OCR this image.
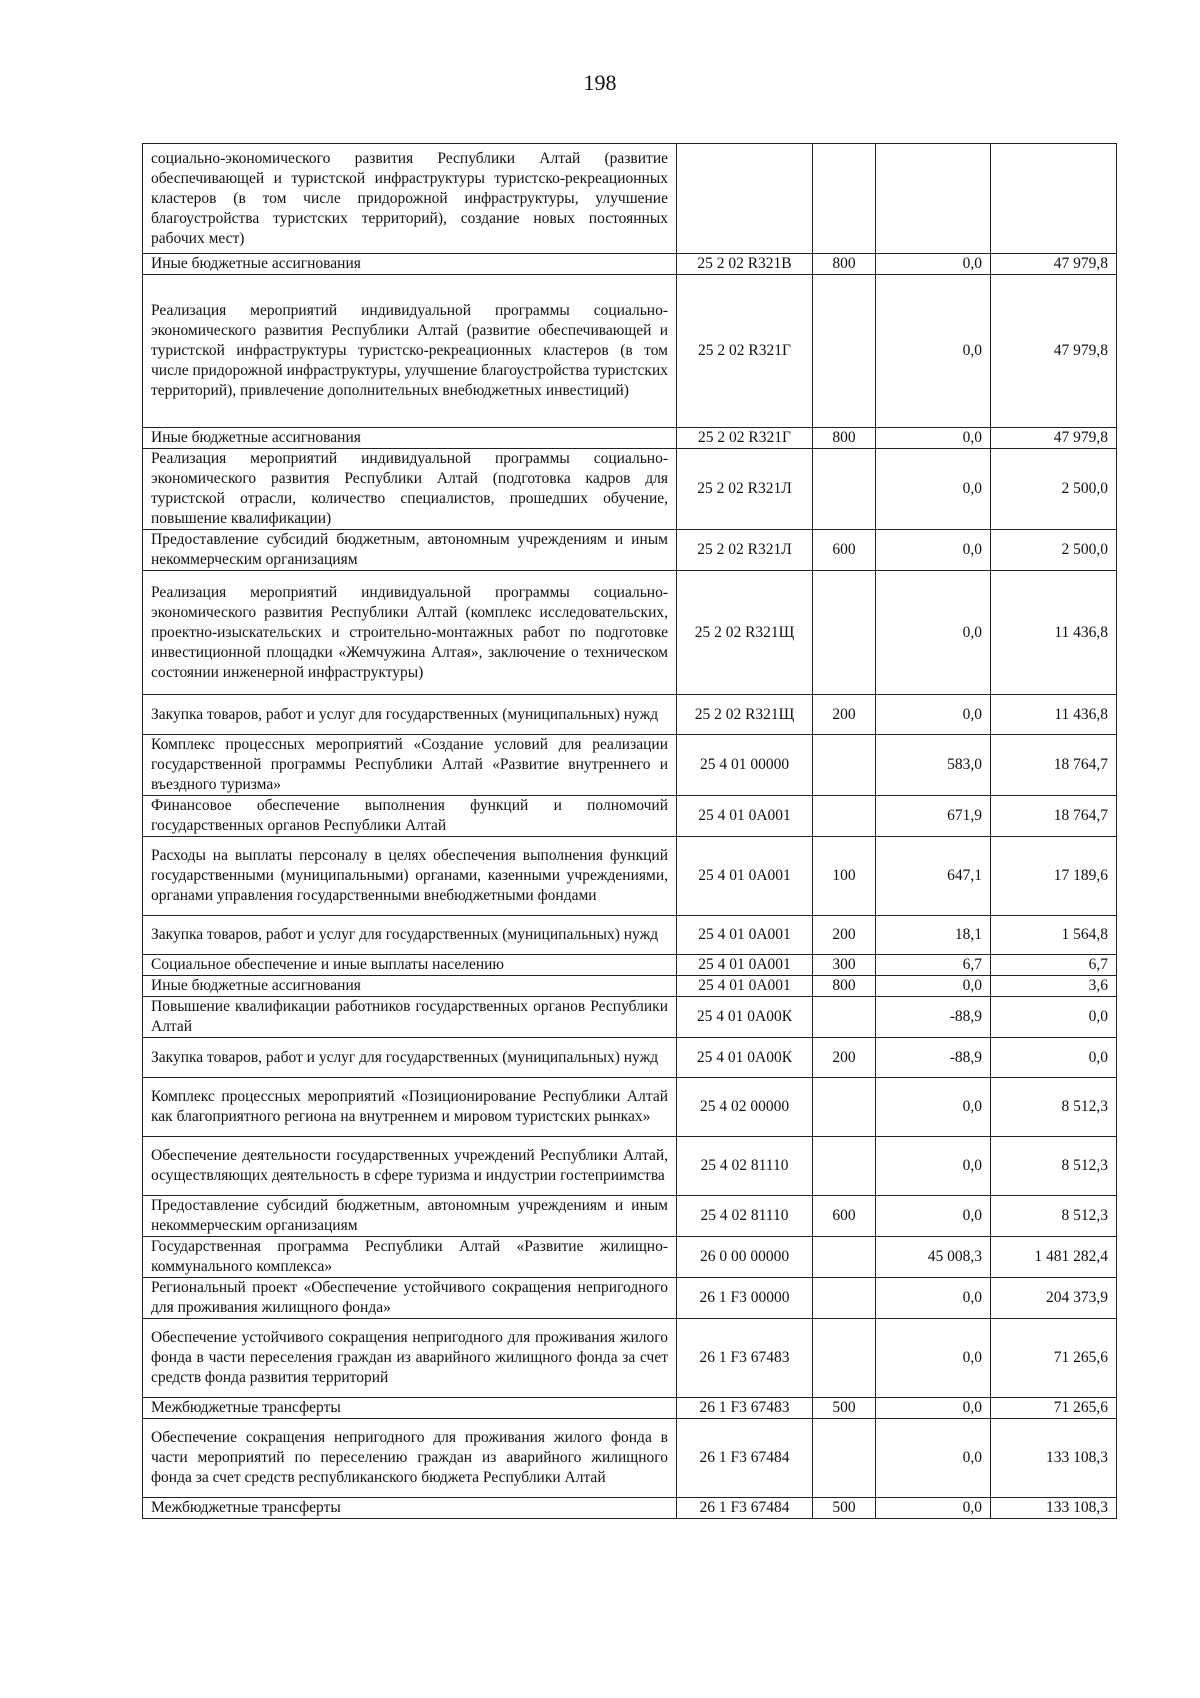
198
социально-экономического развития Республики Алтай (развитие обеспечивающей и туристской инфраструктуры туристско-рекреационных кластеров (в том числе придорожной инфраструктуры, улучшение благоустройства туристских территорий), создание новых постоянных рабочих мест)				
Иные бюджетные ассигнования	25 2 02 R321В	800	0,0	47 979,8
Реализация мероприятий индивидуальной программы социально-экономического развития Республики Алтай (развитие обеспечивающей и туристской инфраструктуры туристско-рекреационных кластеров (в том числе придорожной инфраструктуры, улучшение благоустройства туристских территорий), привлечение дополнительных внебюджетных инвестиций)	25 2 02 R321Г		0,0	47 979,8
Иные бюджетные ассигнования	25 2 02 R321Г	800	0,0	47 979,8
Реализация мероприятий индивидуальной программы социально-экономического развития Республики Алтай (подготовка кадров для туристской отрасли, количество специалистов, прошедших обучение, повышение квалификации)	25 2 02 R321Л		0,0	2 500,0
Предоставление субсидий бюджетным, автономным учреждениям и иным некоммерческим организациям	25 2 02 R321Л	600	0,0	2 500,0
Реализация мероприятий индивидуальной программы социально-экономического развития Республики Алтай (комплекс исследовательских, проектно-изыскательских и строительно-монтажных работ по подготовке инвестиционной площадки «Жемчужина Алтая», заключение о техническом состоянии инженерной инфраструктуры)	25 2 02 R321Щ		0,0	11 436,8
Закупка товаров, работ и услуг для государственных (муниципальных) нужд	25 2 02 R321Щ	200	0,0	11 436,8
Комплекс процессных мероприятий «Создание условий для реализации государственной программы Республики Алтай «Развитие внутреннего и въездного туризма»	25 4 01 00000		583,0	18 764,7
Финансовое обеспечение выполнения функций и полномочий государственных органов Республики Алтай	25 4 01 0А001		671,9	18 764,7
Расходы на выплаты персоналу в целях обеспечения выполнения функций государственными (муниципальными) органами, казенными учреждениями, органами управления государственными внебюджетными фондами	25 4 01 0А001	100	647,1	17 189,6
Закупка товаров, работ и услуг для государственных (муниципальных) нужд	25 4 01 0А001	200	18,1	1 564,8
Социальное обеспечение и иные выплаты населению	25 4 01 0А001	300	6,7	6,7
Иные бюджетные ассигнования	25 4 01 0А001	800	0,0	3,6
Повышение квалификации работников государственных органов Республики Алтай	25 4 01 0А00К		-88,9	0,0
Закупка товаров, работ и услуг для государственных (муниципальных) нужд	25 4 01 0А00К	200	-88,9	0,0
Комплекс процессных мероприятий «Позиционирование Республики Алтай как благоприятного региона на внутреннем и мировом туристских рынках»	25 4 02 00000		0,0	8 512,3
Обеспечение деятельности государственных учреждений Республики Алтай, осуществляющих деятельность в сфере туризма и индустрии гостеприимства	25 4 02 81110		0,0	8 512,3
Предоставление субсидий бюджетным, автономным учреждениям и иным некоммерческим организациям	25 4 02 81110	600	0,0	8 512,3
Государственная программа Республики Алтай «Развитие жилищно-коммунального комплекса»	26 0 00 00000		45 008,3	1 481 282,4
Региональный проект «Обеспечение устойчивого сокращения непригодного для проживания жилищного фонда»	26 1 F3 00000		0,0	204 373,9
Обеспечение устойчивого сокращения непригодного для проживания жилого фонда в части переселения граждан из аварийного жилищного фонда за счет средств фонда развития территорий	26 1 F3 67483		0,0	71 265,6
Межбюджетные трансферты	26 1 F3 67483	500	0,0	71 265,6
Обеспечение сокращения непригодного для проживания жилого фонда в части мероприятий по переселению граждан из аварийного жилищного фонда за счет средств республиканского бюджета Республики Алтай	26 1 F3 67484		0,0	133 108,3
Межбюджетные трансферты	26 1 F3 67484	500	0,0	133 108,3
